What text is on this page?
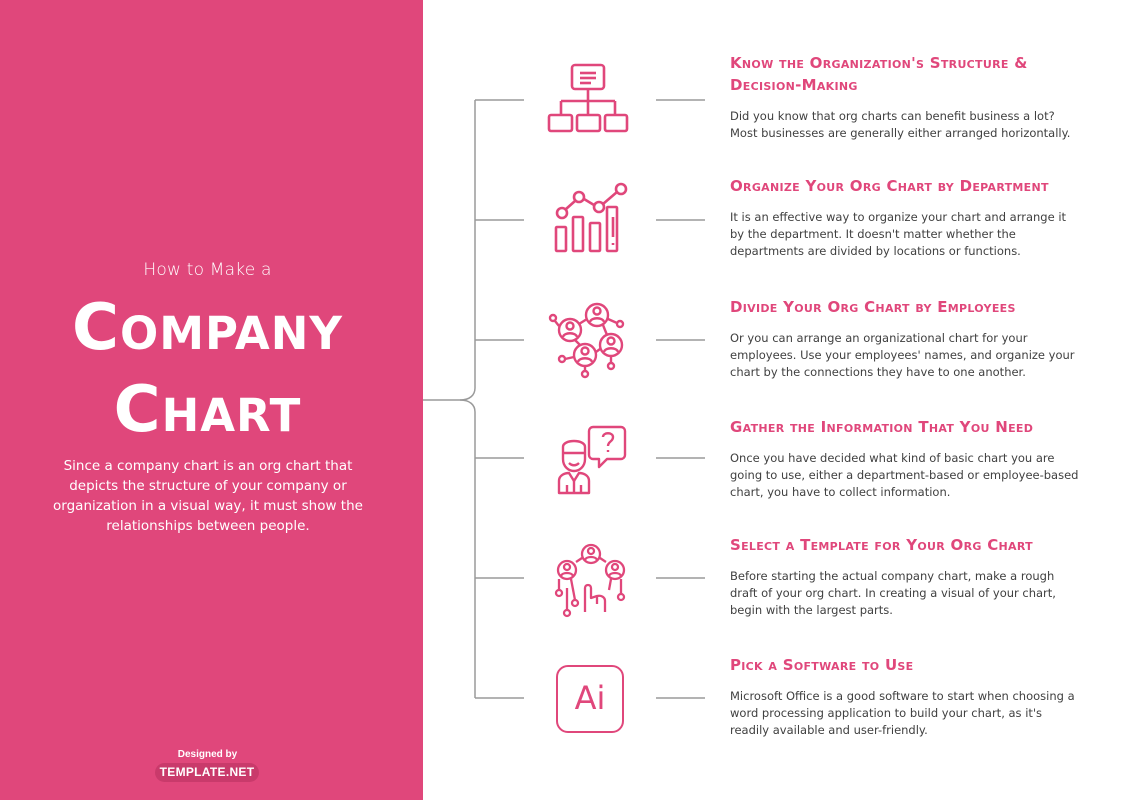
How to Make a
Company
Chart
Since a company chart is an org chart that depicts the structure of your company or organization in a visual way, it must show the relationships between people.
Designed by
TEMPLATE.NET
Ai
Know the Organization's Structure & Decision-Making
Did you know that org charts can benefit business a lot? Most businesses are generally either arranged horizontally.
Organize Your Org Chart by Department
It is an effective way to organize your chart and arrange it by the department. It doesn't matter whether the departments are divided by locations or functions.
Divide Your Org Chart by Employees
Or you can arrange an organizational chart for your employees. Use your employees' names, and organize your chart by the connections they have to one another.
Gather the Information That You Need
Once you have decided what kind of basic chart you are going to use, either a department-based or employee-based chart, you have to collect information.
Select a Template for Your Org Chart
Before starting the actual company chart, make a rough draft of your org chart. In creating a visual of your chart, begin with the largest parts.
Pick a Software to Use
Microsoft Office is a good software to start when choosing a word processing application to build your chart, as it's readily available and user-friendly.
